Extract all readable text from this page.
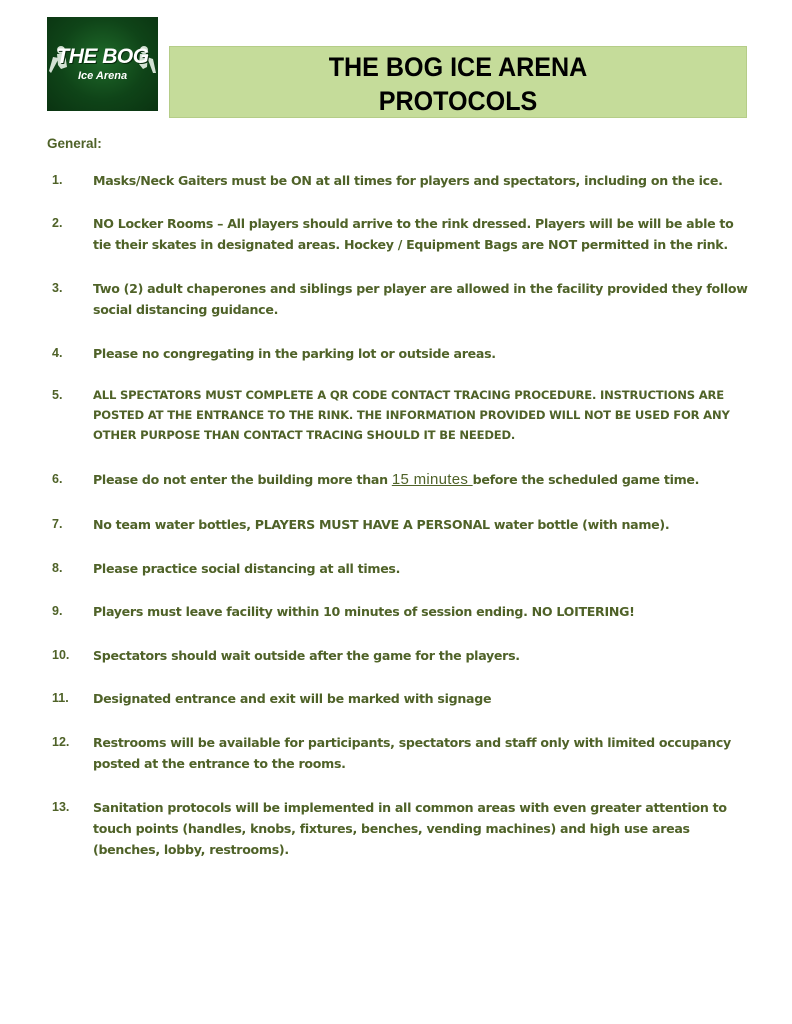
THE BOG
Ice Arena	THE BOG ICE ARENA
PROTOCOLS
General:
1.	Masks/Neck Gaiters must be ON at all times for players and spectators, including on the ice.
2.	NO Locker Rooms – All players should arrive to the rink dressed. Players will be will be able to tie their skates in designated areas. Hockey / Equipment Bags are NOT permitted in the rink.
3.	Two (2) adult chaperones and siblings per player are allowed in the facility provided they follow social distancing guidance.
4.	Please no congregating in the parking lot or outside areas.
5.	ALL SPECTATORS MUST COMPLETE A QR CODE CONTACT TRACING PROCEDURE. INSTRUCTIONS ARE POSTED AT THE ENTRANCE TO THE RINK. THE INFORMATION PROVIDED WILL NOT BE USED FOR ANY OTHER PURPOSE THAN CONTACT TRACING SHOULD IT BE NEEDED.
6.	Please do not enter the building more than 15 minutes before the scheduled game time.
7.	No team water bottles, PLAYERS MUST HAVE A PERSONAL water bottle (with name).
8.	Please practice social distancing at all times.
9.	Players must leave facility within 10 minutes of session ending. NO LOITERING!
10.	Spectators should wait outside after the game for the players.
11.	Designated entrance and exit will be marked with signage
12.	Restrooms will be available for participants, spectators and staff only with limited occupancy posted at the entrance to the rooms.
13.	Sanitation protocols will be implemented in all common areas with even greater attention to touch points (handles, knobs, fixtures, benches, vending machines) and high use areas (benches, lobby, restrooms).
